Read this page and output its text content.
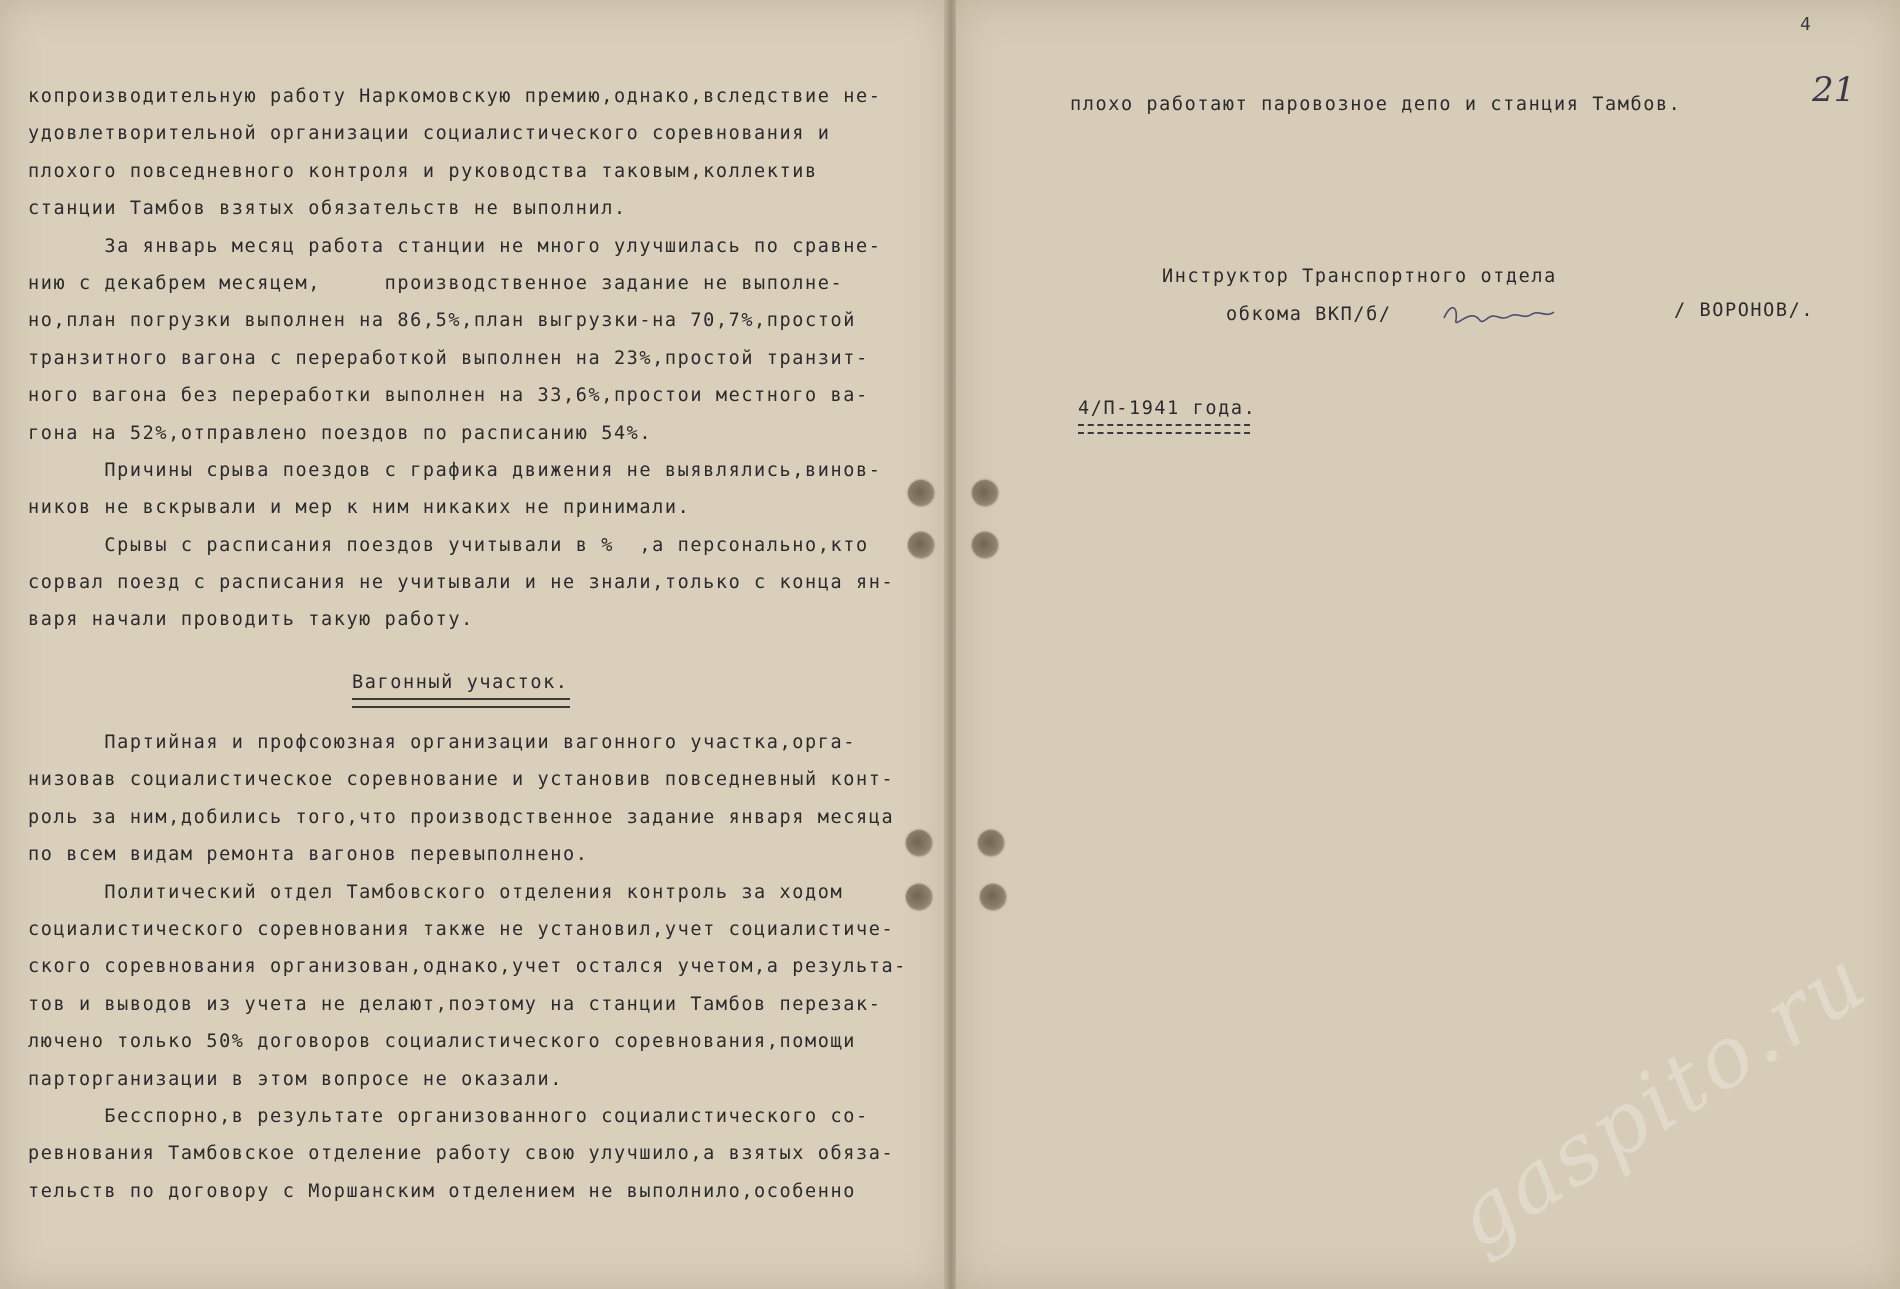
копроизводительную работу Наркомовскую премию,однако,вследствие не-
удовлетворительной организации социалистического соревнования и
плохого повседневного контроля и руководства таковым,коллектив
станции Тамбов взятых обязательств не выполнил.
За январь месяц работа станции не много улучшилась по сравне-
нию с декабрем месяцем,     производственное задание не выполне-
но,план погрузки выполнен на 86,5%,план выгрузки-на 70,7%,простой
транзитного вагона с переработкой выполнен на 23%,простой транзит-
ного вагона без переработки выполнен на 33,6%,простои местного ва-
гона на 52%,отправлено поездов по расписанию 54%.
Причины срыва поездов с графика движения не выявлялись,винов-
ников не вскрывали и мер к ним никаких не принимали.
Срывы с расписания поездов учитывали в %  ,а персонально,кто
сорвал поезд с расписания не учитывали и не знали,только с конца ян-
варя начали проводить такую работу.
Вагонный участок.
Партийная и профсоюзная организации вагонного участка,орга-
низовав социалистическое соревнование и установив повседневный конт-
роль за ним,добились того,что производственное задание января месяца
по всем видам ремонта вагонов перевыполнено.
Политический отдел Тамбовского отделения контроль за ходом
социалистического соревнования также не установил,учет социалистиче-
ского соревнования организован,однако,учет остался учетом,а результа-
тов и выводов из учета не делают,поэтому на станции Тамбов перезак-
лючено только 50% договоров социалистического соревнования,помощи
парторганизации в этом вопросе не оказали.
Бесспорно,в результате организованного социалистического со-
ревнования Тамбовское отделение работу свою улучшило,а взятых обяза-
тельств по договору с Моршанским отделением не выполнило,особенно
плохо работают паровозное депо и станция Тамбов.
Инструктор Транспортного отдела
обкома ВКП/б/	/ ВОРОНОВ/.
4/П-1941 года.
4
21
gaspito.ru
